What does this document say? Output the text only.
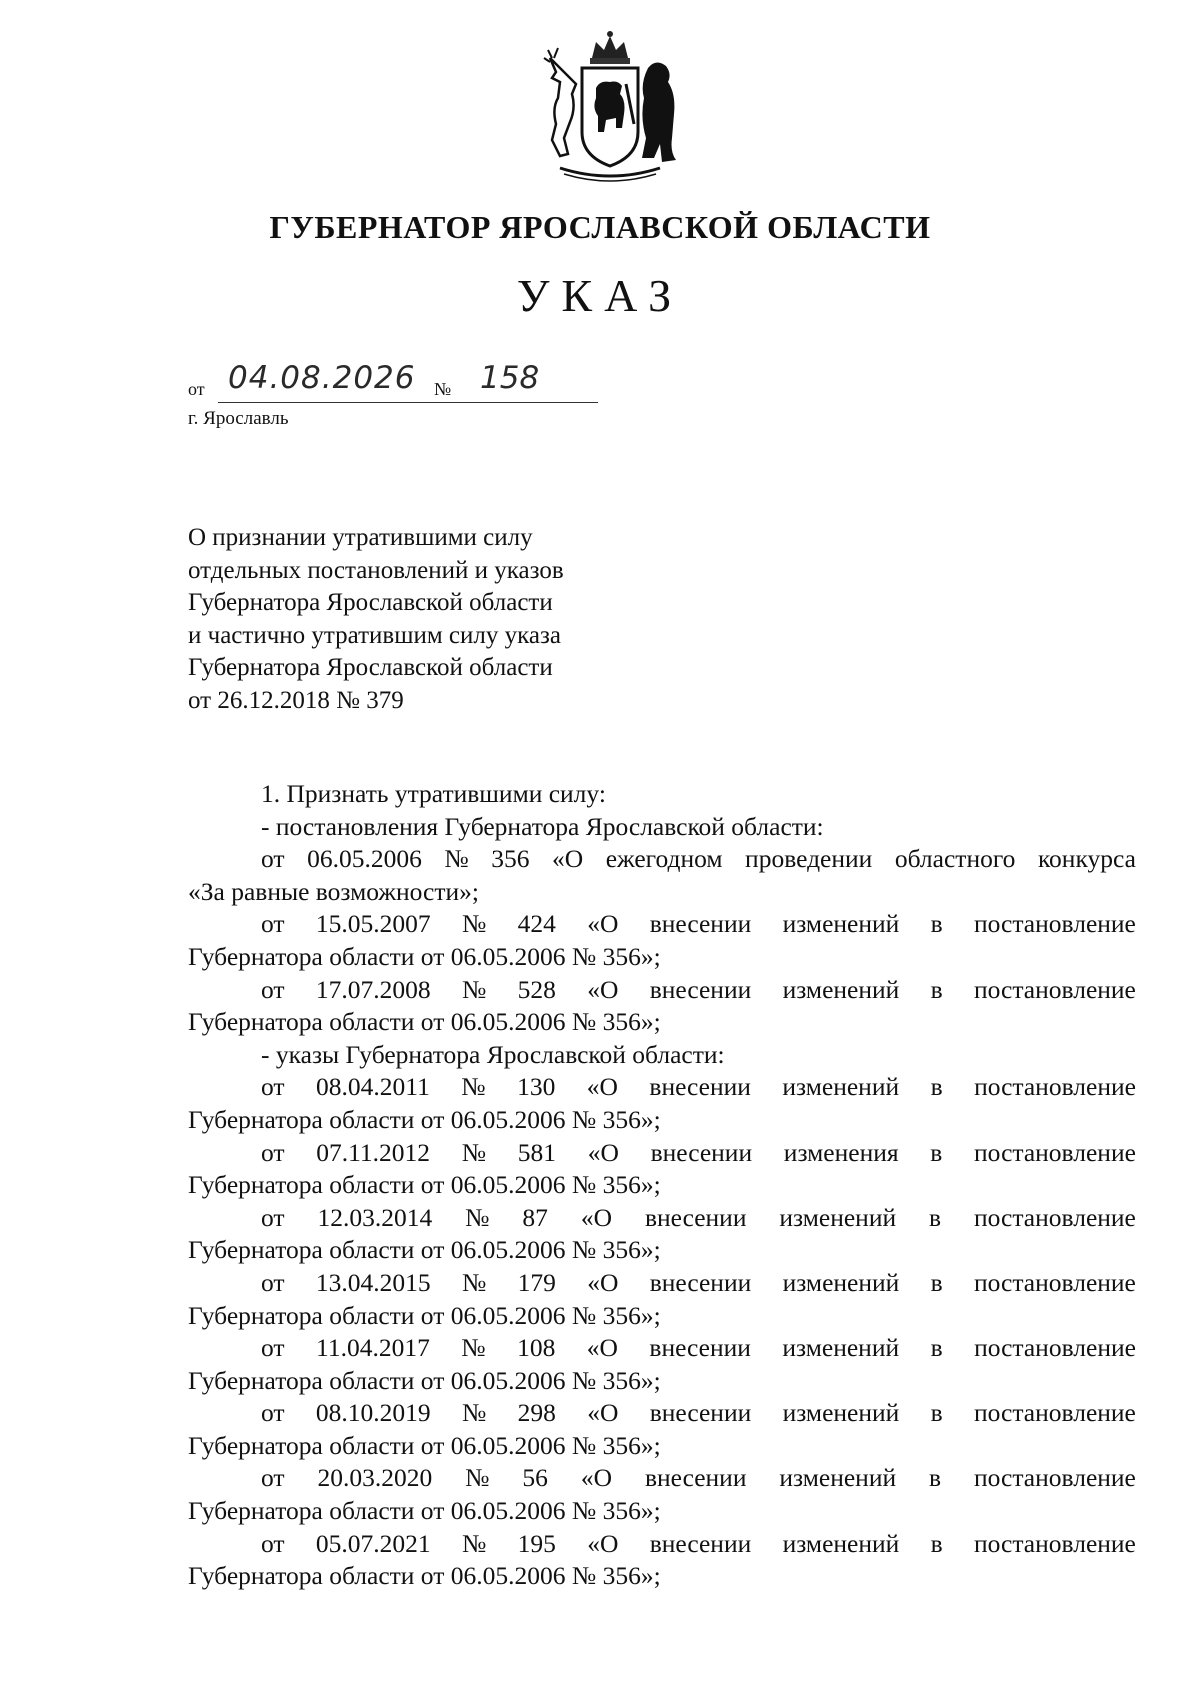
ГУБЕРНАТОР ЯРОСЛАВСКОЙ ОБЛАСТИ
УКАЗ
от 04.08.2026 № 158
г. Ярославль
О признании утратившими силу
отдельных постановлений и указов
Губернатора Ярославской области
и частично утратившим силу указа
Губернатора Ярославской области
от 26.12.2018 № 379
1. Признать утратившими силу:
- постановления Губернатора Ярославской области:
от 06.05.2006 № 356 «О ежегодном проведении областного конкурса
«За равные возможности»;
от 15.05.2007 № 424 «О внесении изменений в постановление
Губернатора области от 06.05.2006 № 356»;
от 17.07.2008 № 528 «О внесении изменений в постановление
Губернатора области от 06.05.2006 № 356»;
- указы Губернатора Ярославской области:
от 08.04.2011 № 130 «О внесении изменений в постановление
Губернатора области от 06.05.2006 № 356»;
от 07.11.2012 № 581 «О внесении изменения в постановление
Губернатора области от 06.05.2006 № 356»;
от 12.03.2014 № 87 «О внесении изменений в постановление
Губернатора области от 06.05.2006 № 356»;
от 13.04.2015 № 179 «О внесении изменений в постановление
Губернатора области от 06.05.2006 № 356»;
от 11.04.2017 № 108 «О внесении изменений в постановление
Губернатора области от 06.05.2006 № 356»;
от 08.10.2019 № 298 «О внесении изменений в постановление
Губернатора области от 06.05.2006 № 356»;
от 20.03.2020 № 56 «О внесении изменений в постановление
Губернатора области от 06.05.2006 № 356»;
от 05.07.2021 № 195 «О внесении изменений в постановление
Губернатора области от 06.05.2006 № 356»;
